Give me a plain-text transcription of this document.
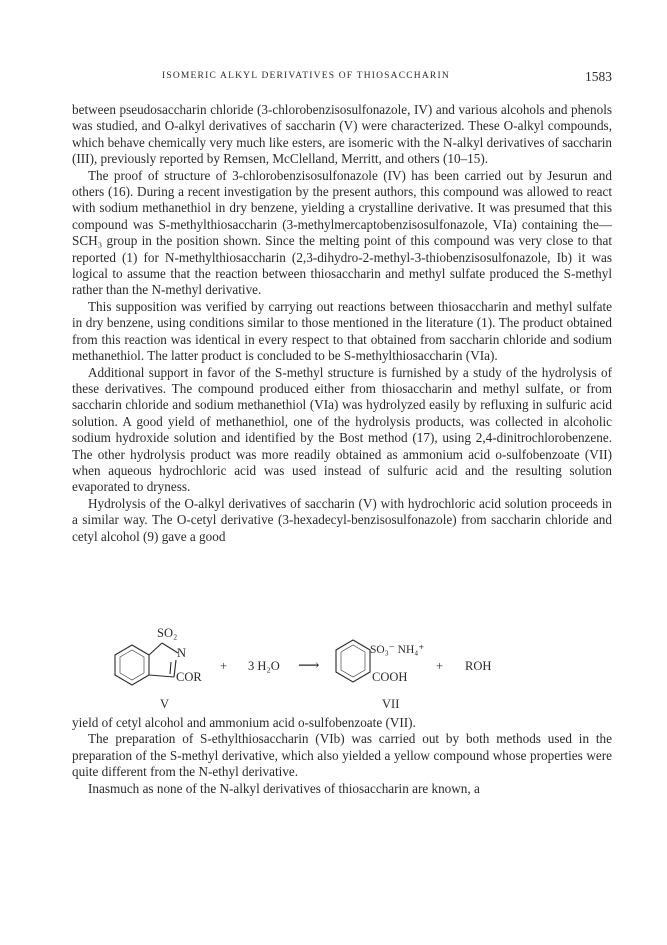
ISOMERIC ALKYL DERIVATIVES OF THIOSACCHARIN	1583

between pseudosaccharin chloride (3-chlorobenzisosulfonazole, IV) and various alcohols and phenols was studied, and O-alkyl derivatives of saccharin (V) were characterized. These O-alkyl compounds, which behave chemically very much like esters, are isomeric with the N-alkyl derivatives of saccharin (III), previously reported by Remsen, McClelland, Merritt, and others (10–15).

The proof of structure of 3-chlorobenzisosulfonazole (IV) has been carried out by Jesurun and others (16). During a recent investigation by the present authors, this compound was allowed to react with sodium methanethiol in dry benzene, yielding a crystalline derivative. It was presumed that this compound was S-methylthiosaccharin (3-methylmercaptobenzisosulfonazole, VIa) containing the—SCH₃ group in the position shown. Since the melting point of this compound was very close to that reported (1) for N-methylthiosaccharin (2,3-dihydro-2-methyl-3-thiobenzisosulfonazole, Ib) it was logical to assume that the reaction between thiosaccharin and methyl sulfate produced the S-methyl rather than the N-methyl derivative.

This supposition was verified by carrying out reactions between thiosaccharin and methyl sulfate in dry benzene, using conditions similar to those mentioned in the literature (1). The product obtained from this reaction was identical in every respect to that obtained from saccharin chloride and sodium methanethiol. The latter product is concluded to be S-methylthiosaccharin (VIa).

Additional support in favor of the S-methyl structure is furnished by a study of the hydrolysis of these derivatives. The compound produced either from thiosaccharin and methyl sulfate, or from saccharin chloride and sodium methanethiol (VIa) was hydrolyzed easily by refluxing in sulfuric acid solution. A good yield of methanethiol, one of the hydrolysis products, was collected in alcoholic sodium hydroxide solution and identified by the Bost method (17), using 2,4-dinitrochlorobenzene. The other hydrolysis product was more readily obtained as ammonium acid o-sulfobenzoate (VII) when aqueous hydrochloric acid was used instead of sulfuric acid and the resulting solution evaporated to dryness.

Hydrolysis of the O-alkyl derivatives of saccharin (V) with hydrochloric acid solution proceeds in a similar way. The O-cetyl derivative (3-hexadecyl-benzisosulfonazole) from saccharin chloride and cetyl alcohol (9) gave a good

SO₂
N
COR
V
+ 3 H₂O ⟶
SO₃⁻ NH₄⁺
COOH
VII
+ ROH

yield of cetyl alcohol and ammonium acid o-sulfobenzoate (VII).

The preparation of S-ethylthiosaccharin (VIb) was carried out by both methods used in the preparation of the S-methyl derivative, which also yielded a yellow compound whose properties were quite different from the N-ethyl derivative.

Inasmuch as none of the N-alkyl derivatives of thiosaccharin are known, a
